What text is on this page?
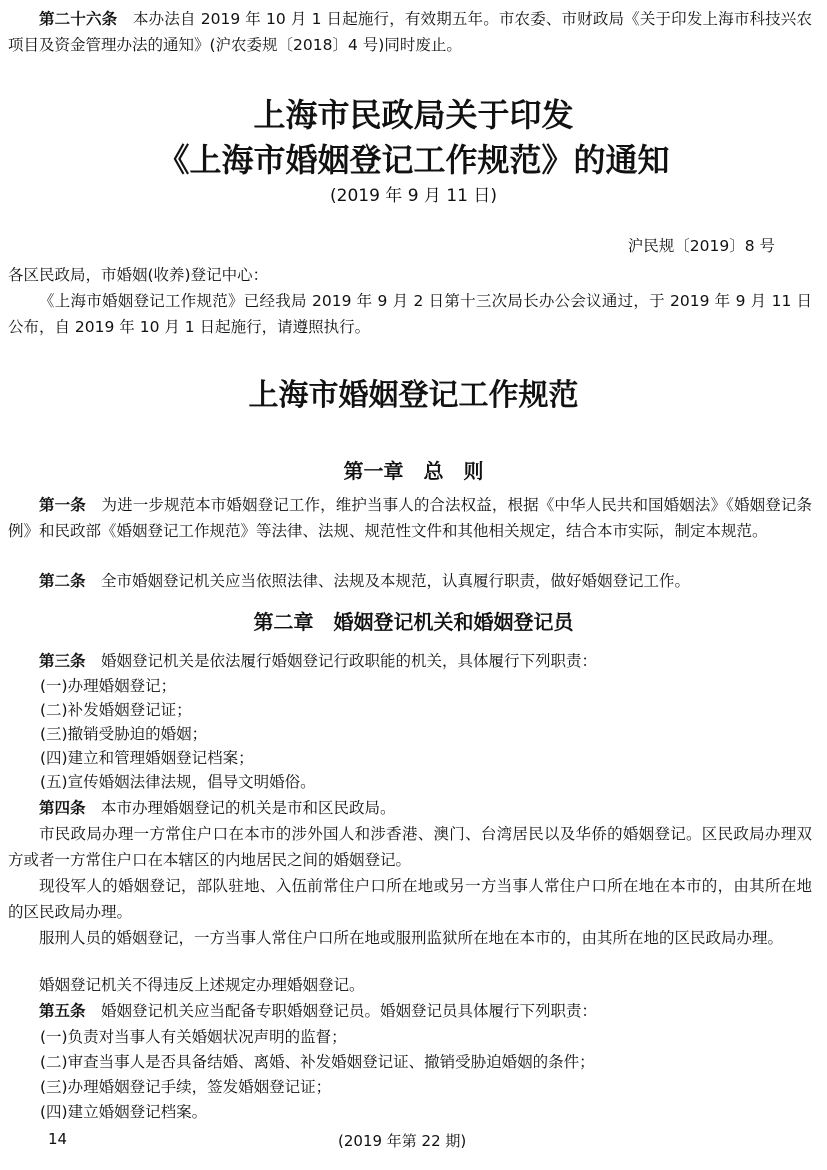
第二十六条　 本办法自 2019 年 10 月 1 日起施行，有效期五年。市农委、市财政局《关于印发上海市科技兴农项目及资金管理办法的通知》(沪农委规〔2018〕4 号)同时废止。
上海市民政局关于印发
《上海市婚姻登记工作规范》的通知
(2019 年 9 月 11 日)
沪民规〔2019〕8 号
各区民政局，市婚姻(收养)登记中心：
《上海市婚姻登记工作规范》已经我局 2019 年 9 月 2 日第十三次局长办公会议通过，于 2019 年 9 月 11 日公布，自 2019 年 10 月 1 日起施行，请遵照执行。
上海市婚姻登记工作规范
第一章　总　则
第一条　 为进一步规范本市婚姻登记工作，维护当事人的合法权益，根据《中华人民共和国婚姻法》《婚姻登记条例》和民政部《婚姻登记工作规范》等法律、法规、规范性文件和其他相关规定，结合本市实际，制定本规范。
第二条　 全市婚姻登记机关应当依照法律、法规及本规范，认真履行职责，做好婚姻登记工作。
第二章　婚姻登记机关和婚姻登记员
第三条　 婚姻登记机关是依法履行婚姻登记行政职能的机关，具体履行下列职责：
(一)办理婚姻登记；
(二)补发婚姻登记证；
(三)撤销受胁迫的婚姻；
(四)建立和管理婚姻登记档案；
(五)宣传婚姻法律法规，倡导文明婚俗。
第四条　 本市办理婚姻登记的机关是市和区民政局。
市民政局办理一方常住户口在本市的涉外国人和涉香港、澳门、台湾居民以及华侨的婚姻登记。区民政局办理双方或者一方常住户口在本辖区的内地居民之间的婚姻登记。
现役军人的婚姻登记，部队驻地、入伍前常住户口所在地或另一方当事人常住户口所在地在本市的，由其所在地的区民政局办理。
服刑人员的婚姻登记，一方当事人常住户口所在地或服刑监狱所在地在本市的，由其所在地的区民政局办理。
婚姻登记机关不得违反上述规定办理婚姻登记。
第五条　 婚姻登记机关应当配备专职婚姻登记员。婚姻登记员具体履行下列职责：
(一)负责对当事人有关婚姻状况声明的监督；
(二)审查当事人是否具备结婚、离婚、补发婚姻登记证、撤销受胁迫婚姻的条件；
(三)办理婚姻登记手续，签发婚姻登记证；
(四)建立婚姻登记档案。
14	(2019 年第 22 期)
